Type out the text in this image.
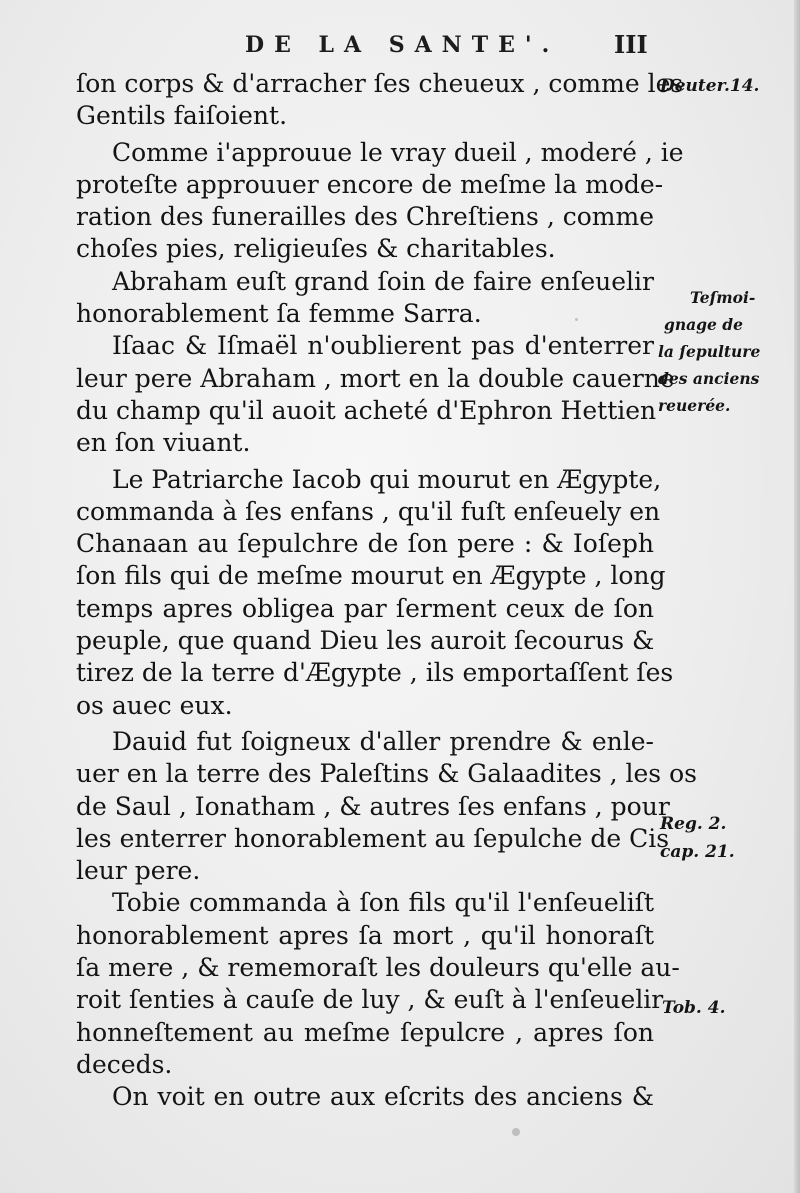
DE LA SANTE'. III
ſon corps & d'arracher ſes cheueux , comme les
Gentils faiſoient.
Comme i'approuue le vray dueil , moderé , ie
proteſte approuuer encore de meſme la mode-
ration des funerailles des Chreſtiens , comme
choſes pies, religieuſes & charitables.
Abraham euſt grand ſoin de faire enſeuelir
honorablement ſa femme Sarra.
Iſaac & Iſmaël n'oublierent pas d'enterrer
leur pere Abraham , mort en la double cauerne
du champ qu'il auoit acheté d'Ephron Hettien
en ſon viuant.
Le Patriarche Iacob qui mourut en Ægypte,
commanda à ſes enfans , qu'il fuſt enſeuely en
Chanaan au ſepulchre de ſon pere : & Ioſeph
ſon fils qui de meſme mourut en Ægypte , long
temps apres obligea par ſerment ceux de ſon
peuple, que quand Dieu les auroit ſecourus &
tirez de la terre d'Ægypte , ils emportaſſent ſes
os auec eux.
Dauid fut ſoigneux d'aller prendre & enle-
uer en la terre des Paleſtins & Galaadites , les os
de Saul , Ionatham , & autres ſes enfans , pour
les enterrer honorablement au ſepulche de Cis
leur pere.
Tobie commanda à ſon fils qu'il l'enſeueliſt
honorablement apres ſa mort , qu'il honoraſt
ſa mere , & rememoraſt les douleurs qu'elle au-
roit ſenties à cauſe de luy , & euſt à l'enſeuelir
honneſtement au meſme ſepulcre , apres ſon
deceds.
On voit en outre aux eſcrits des anciens &
Deuter.14.
Teſmoi-
gnage de
la ſepulture
des anciens
reuerée.
Reg. 2.
cap. 21.
Tob. 4.
